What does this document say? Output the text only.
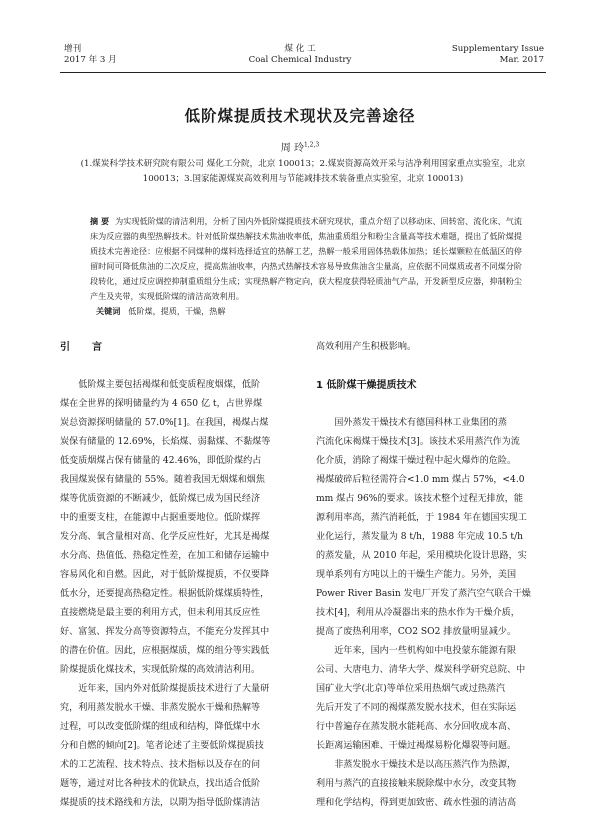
增刊
2017 年 3 月
煤 化 工
Coal Chemical Industry
Supplementary Issue
Mar. 2017
低阶煤提质技术现状及完善途径
周 玲$^{1,2,3}$
(1.煤炭科学技术研究院有限公司 煤化工分院，北京 100013；2.煤炭资源高效开采与洁净利用国家重点实验室，北京 100013；3.国家能源煤炭高效利用与节能减排技术装备重点实验室，北京 100013)
摘 要 为实现低阶煤的清洁利用，分析了国内外低阶煤提质技术研究现状，重点介绍了以移动床、回转窑、流化床、气流床为反应器的典型热解技术。针对低阶煤热解技术焦油收率低，焦油重质组分和粉尘含量高等技术难题，提出了低阶煤提质技术完善途径：应根据不同煤种的煤料选择适宜的热解工艺，热解一般采用固体热载体加热；延长煤颗粒在低温区的停留时间可降低焦油的二次反应，提高焦油收率，内热式热解技术容易导致焦油含尘量高，应依据不同煤质或者不同煤分阶段转化，通过反应调控抑制重质组分生成；实现热解产物定向，获大程度获得轻质油气产品，开发新型反应器，抑制粉尘产生及夹带，实现低阶煤的清洁高效利用。
关键词 低阶煤，提质，干燥，热解
引言
低阶煤主要包括褐煤和低变质程度烟煤，低阶
煤在全世界的探明储量约为 4 650 亿 t，占世界煤
炭总资源探明储量的 57.0%[1]。在我国，褐煤占煤
炭保有储量的 12.69%，长焰煤、弱黏煤、不黏煤等
低变质烟煤占保有储量的 42.46%，即低阶煤约占
我国煤炭保有储量的 55%。随着我国无烟煤和烟焦
煤等优质资源的不断减少，低阶煤已成为国民经济
中的重要支柱，在能源中占据重要地位。低阶煤挥
发分高、氧含量相对高、化学反应性好，尤其是褐煤
水分高、热值低、热稳定性差，在加工和储存运输中
容易风化和自燃。因此，对于低阶煤提质，不仅要降
低水分，还要提高热稳定性。根据低阶煤煤质特性，
直接燃烧是最主要的利用方式，但未利用其反应性
好、富氢、挥发分高等资源特点，不能充分发挥其中
的潜在价值。因此，应根据煤质，煤的组分等实践低
阶煤提质化煤技术，实现低阶煤的高效清洁利用。
近年来，国内外对低阶煤提质技术进行了大量研
究，利用蒸发脱水干燥、非蒸发脱水干燥和热解等
过程，可以改变低阶煤的组成和结构，降低煤中水
分和自燃的倾向[2]。笔者论述了主要低阶煤提质技
术的工艺流程、技术特点、技术指标以及存在的问
题等，通过对比各种技术的优缺点，找出适合低阶
煤提质的技术路线和方法，以期为指导低阶煤清洁
高效利用产生积极影响。
1 低阶煤干燥提质技术
国外蒸发干燥技术有德国科林工业集团的蒸
汽流化床褐煤干燥技术[3]。该技术采用蒸汽作为流
化介质，消除了褐煤干燥过程中起火爆炸的危险。
褐煤破碎后粒径需符合<1.0 mm 煤占 57%，<4.0
mm 煤占 96%的要求。该技术整个过程无排放，能
源利用率高，蒸汽消耗低，于 1984 年在德国实现工
业化运行，蒸发量为 8 t/h，1988 年完成 10.5 t/h
的蒸发量，从 2010 年起，采用模块化设计思路，实
现单系列有方吨以上的干燥生产能力。另外，美国
Power River Basin 发电厂开发了蒸汽空气联合干燥
技术[4]，利用从冷凝器出来的热水作为干燥介质，
提高了废热利用率，CO2 SO2 排放量明显减少。
近年来，国内一些机构如中电投蒙东能源有限
公司、大唐电力、清华大学、煤炭科学研究总院、中
国矿业大学(北京)等单位采用热烟气或过热蒸汽
先后开发了不同的褐煤蒸发脱水技术，但在实际运
行中普遍存在蒸发脱水能耗高、水分回收成本高、
长距离运输困难、干燥过褐煤易粉化爆裂等问题。
非蒸发脱水干燥技术是以高压蒸汽作为热源，
利用与蒸汽的直接接触来脱除煤中水分，改变其物
理和化学结构，得到更加致密、疏水性强的清洁高
